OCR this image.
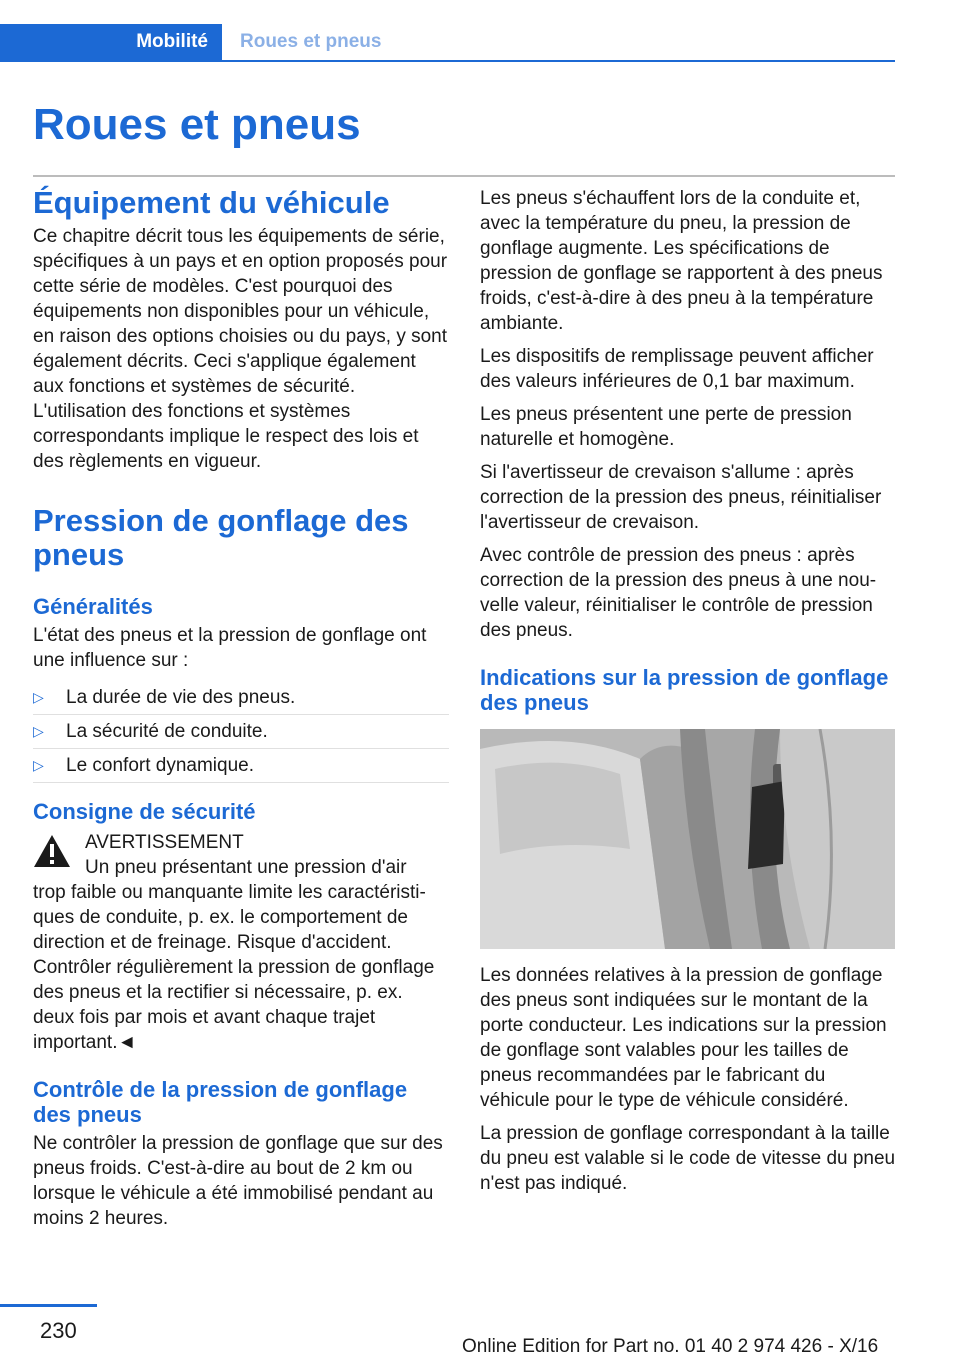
Mobilité Roues et pneus
Roues et pneus
Équipement du véhicule

Ce chapitre décrit tous les équipements de série, spécifiques à un pays et en option proposés pour cette série de modèles. C'est pourquoi des équipements non disponibles pour un véhicule, en raison des options choisies ou du pays, y sont également décrits. Ceci s'applique également aux fonctions et systèmes de sécurité. L'utilisation des fonctions et systèmes correspondants implique le respect des lois et des règlements en vigueur.

Pression de gonflage des pneus
Généralités

L'état des pneus et la pression de gonflage ont une influence sur :

▷	La durée de vie des pneus.
▷	La sécurité de conduite.
▷	Le confort dynamique.
Consigne de sécurité
AVERTISSEMENT
Un pneu présentant une pression d'air

trop faible ou manquante limite les caractéristiques de conduite, p. ex. le comportement de direction et de freinage. Risque d'accident. Contrôler régulièrement la pression de gonflage des pneus et la rectifier si nécessaire, p. ex. deux fois par mois et avant chaque trajet important.◄

Contrôle de la pression de gonflage des pneus

Ne contrôler la pression de gonflage que sur des pneus froids. C'est-à-dire au bout de 2 km ou lorsque le véhicule a été immobilisé pendant au moins 2 heures.

Les pneus s'échauffent lors de la conduite et, avec la température du pneu, la pression de gonflage augmente. Les spécifications de pression de gonflage se rapportent à des pneus froids, c'est-à-dire à des pneu à la température ambiante.

Les dispositifs de remplissage peuvent afficher des valeurs inférieures de 0,1 bar maximum.

Les pneus présentent une perte de pression naturelle et homogène.

Si l'avertisseur de crevaison s'allume : après correction de la pression des pneus, réinitialiser l'avertisseur de crevaison.

Avec contrôle de pression des pneus : après correction de la pression des pneus à une nouvelle valeur, réinitialiser le contrôle de pression des pneus.

Indications sur la pression de gonflage des pneus

Les données relatives à la pression de gonflage des pneus sont indiquées sur le montant de la porte conducteur. Les indications sur la pression de gonflage sont valables pour les tailles de pneus recommandées par le fabricant du véhicule pour le type de véhicule considéré.

La pression de gonflage correspondant à la taille du pneu est valable si le code de vitesse du pneu n'est pas indiqué.

230
Online Edition for Part no. 01 40 2 974 426 - X/16
